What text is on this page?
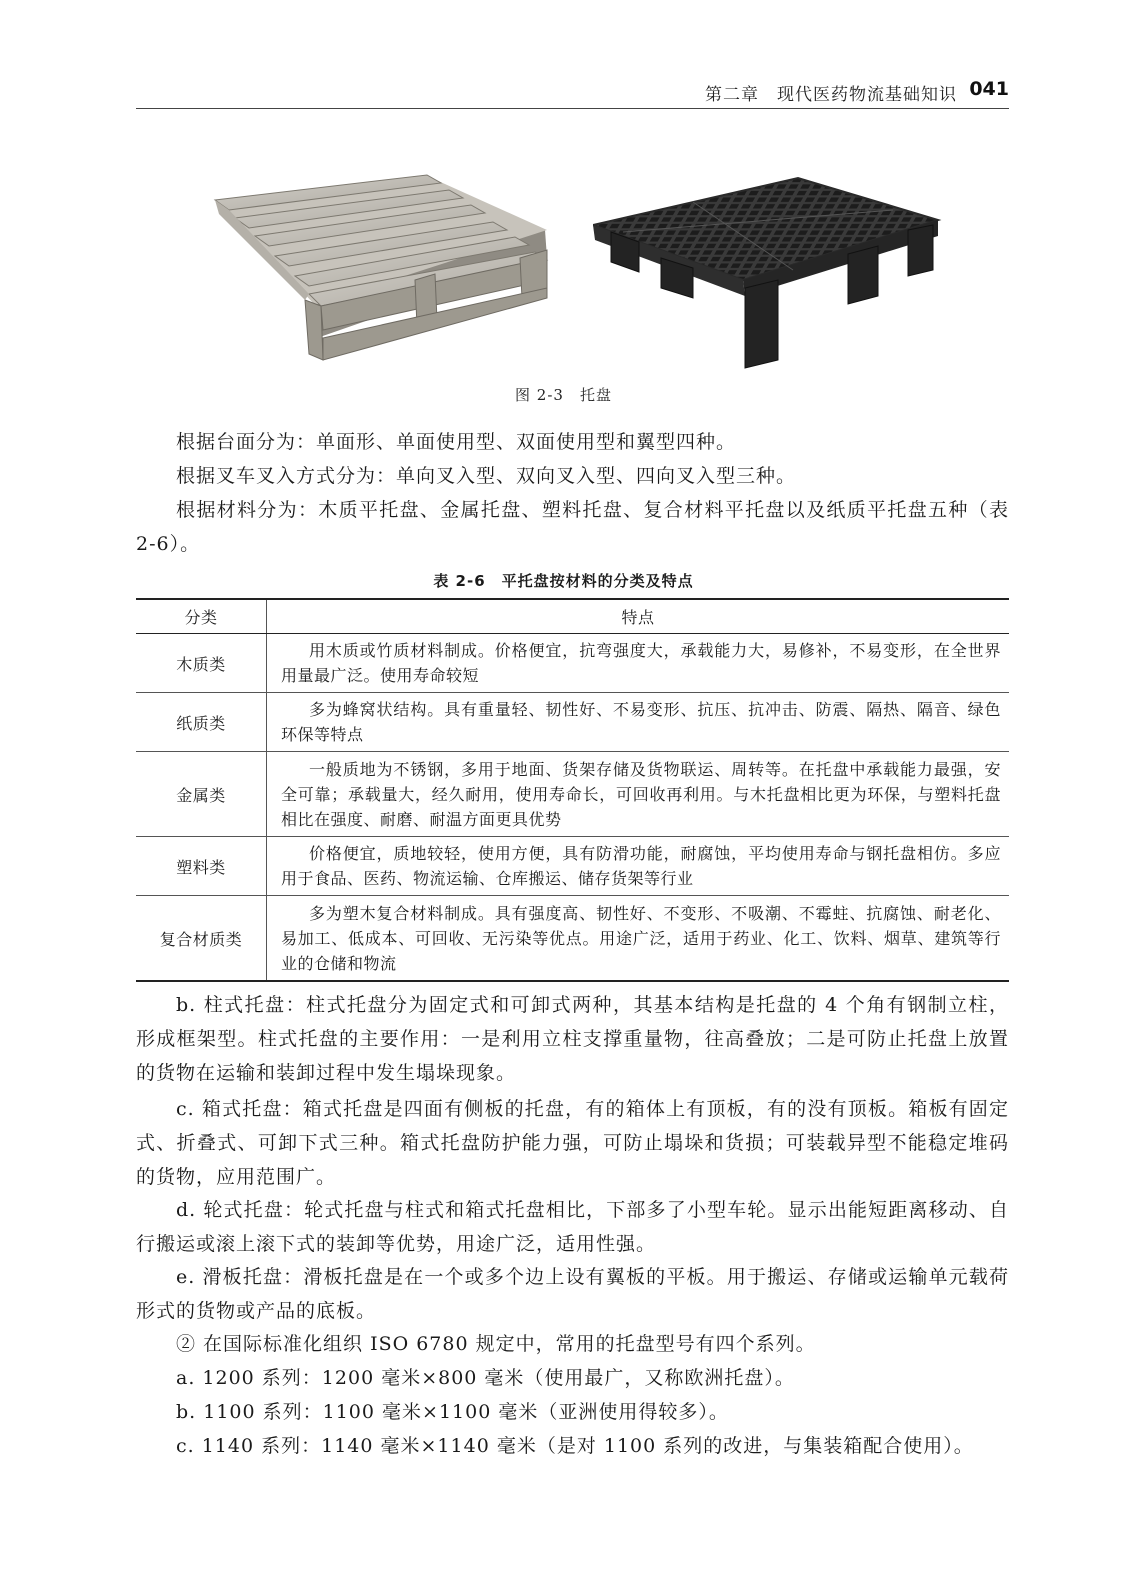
第二章　现代医药物流基础知识 041
图 2-3　托盘

根据台面分为：单面形、单面使用型、双面使用型和翼型四种。

根据叉车叉入方式分为：单向叉入型、双向叉入型、四向叉入型三种。

根据材料分为：木质平托盘、金属托盘、塑料托盘、复合材料平托盘以及纸质平托盘五种（表 2-6）。

表 2-6　平托盘按材料的分类及特点
分类	特点
木质类	用木质或竹质材料制成。价格便宜，抗弯强度大，承载能力大，易修补，不易变形，在全世界用量最广泛。使用寿命较短

纸质类	多为蜂窝状结构。具有重量轻、韧性好、不易变形、抗压、抗冲击、防震、隔热、隔音、绿色环保等特点

金属类	一般质地为不锈钢，多用于地面、货架存储及货物联运、周转等。在托盘中承载能力最强，安全可靠；承载量大，经久耐用，使用寿命长，可回收再利用。与木托盘相比更为环保，与塑料托盘相比在强度、耐磨、耐温方面更具优势

塑料类	价格便宜，质地较轻，使用方便，具有防滑功能，耐腐蚀，平均使用寿命与钢托盘相仿。多应用于食品、医药、物流运输、仓库搬运、储存货架等行业

复合材质类	多为塑木复合材料制成。具有强度高、韧性好、不变形、不吸潮、不霉蛀、抗腐蚀、耐老化、易加工、低成本、可回收、无污染等优点。用途广泛，适用于药业、化工、饮料、烟草、建筑等行业的仓储和物流

b. 柱式托盘：柱式托盘分为固定式和可卸式两种，其基本结构是托盘的 4 个角有钢制立柱，形成框架型。柱式托盘的主要作用：一是利用立柱支撑重量物，往高叠放；二是可防止托盘上放置的货物在运输和装卸过程中发生塌垛现象。

c. 箱式托盘：箱式托盘是四面有侧板的托盘，有的箱体上有顶板，有的没有顶板。箱板有固定式、折叠式、可卸下式三种。箱式托盘防护能力强，可防止塌垛和货损；可装载异型不能稳定堆码的货物，应用范围广。

d. 轮式托盘：轮式托盘与柱式和箱式托盘相比，下部多了小型车轮。显示出能短距离移动、自行搬运或滚上滚下式的装卸等优势，用途广泛，适用性强。

e. 滑板托盘：滑板托盘是在一个或多个边上设有翼板的平板。用于搬运、存储或运输单元载荷形式的货物或产品的底板。

② 在国际标准化组织 ISO 6780 规定中，常用的托盘型号有四个系列。

a. 1200 系列：1200 毫米×800 毫米（使用最广，又称欧洲托盘）。

b. 1100 系列：1100 毫米×1100 毫米（亚洲使用得较多）。

c. 1140 系列：1140 毫米×1140 毫米（是对 1100 系列的改进，与集装箱配合使用）。
